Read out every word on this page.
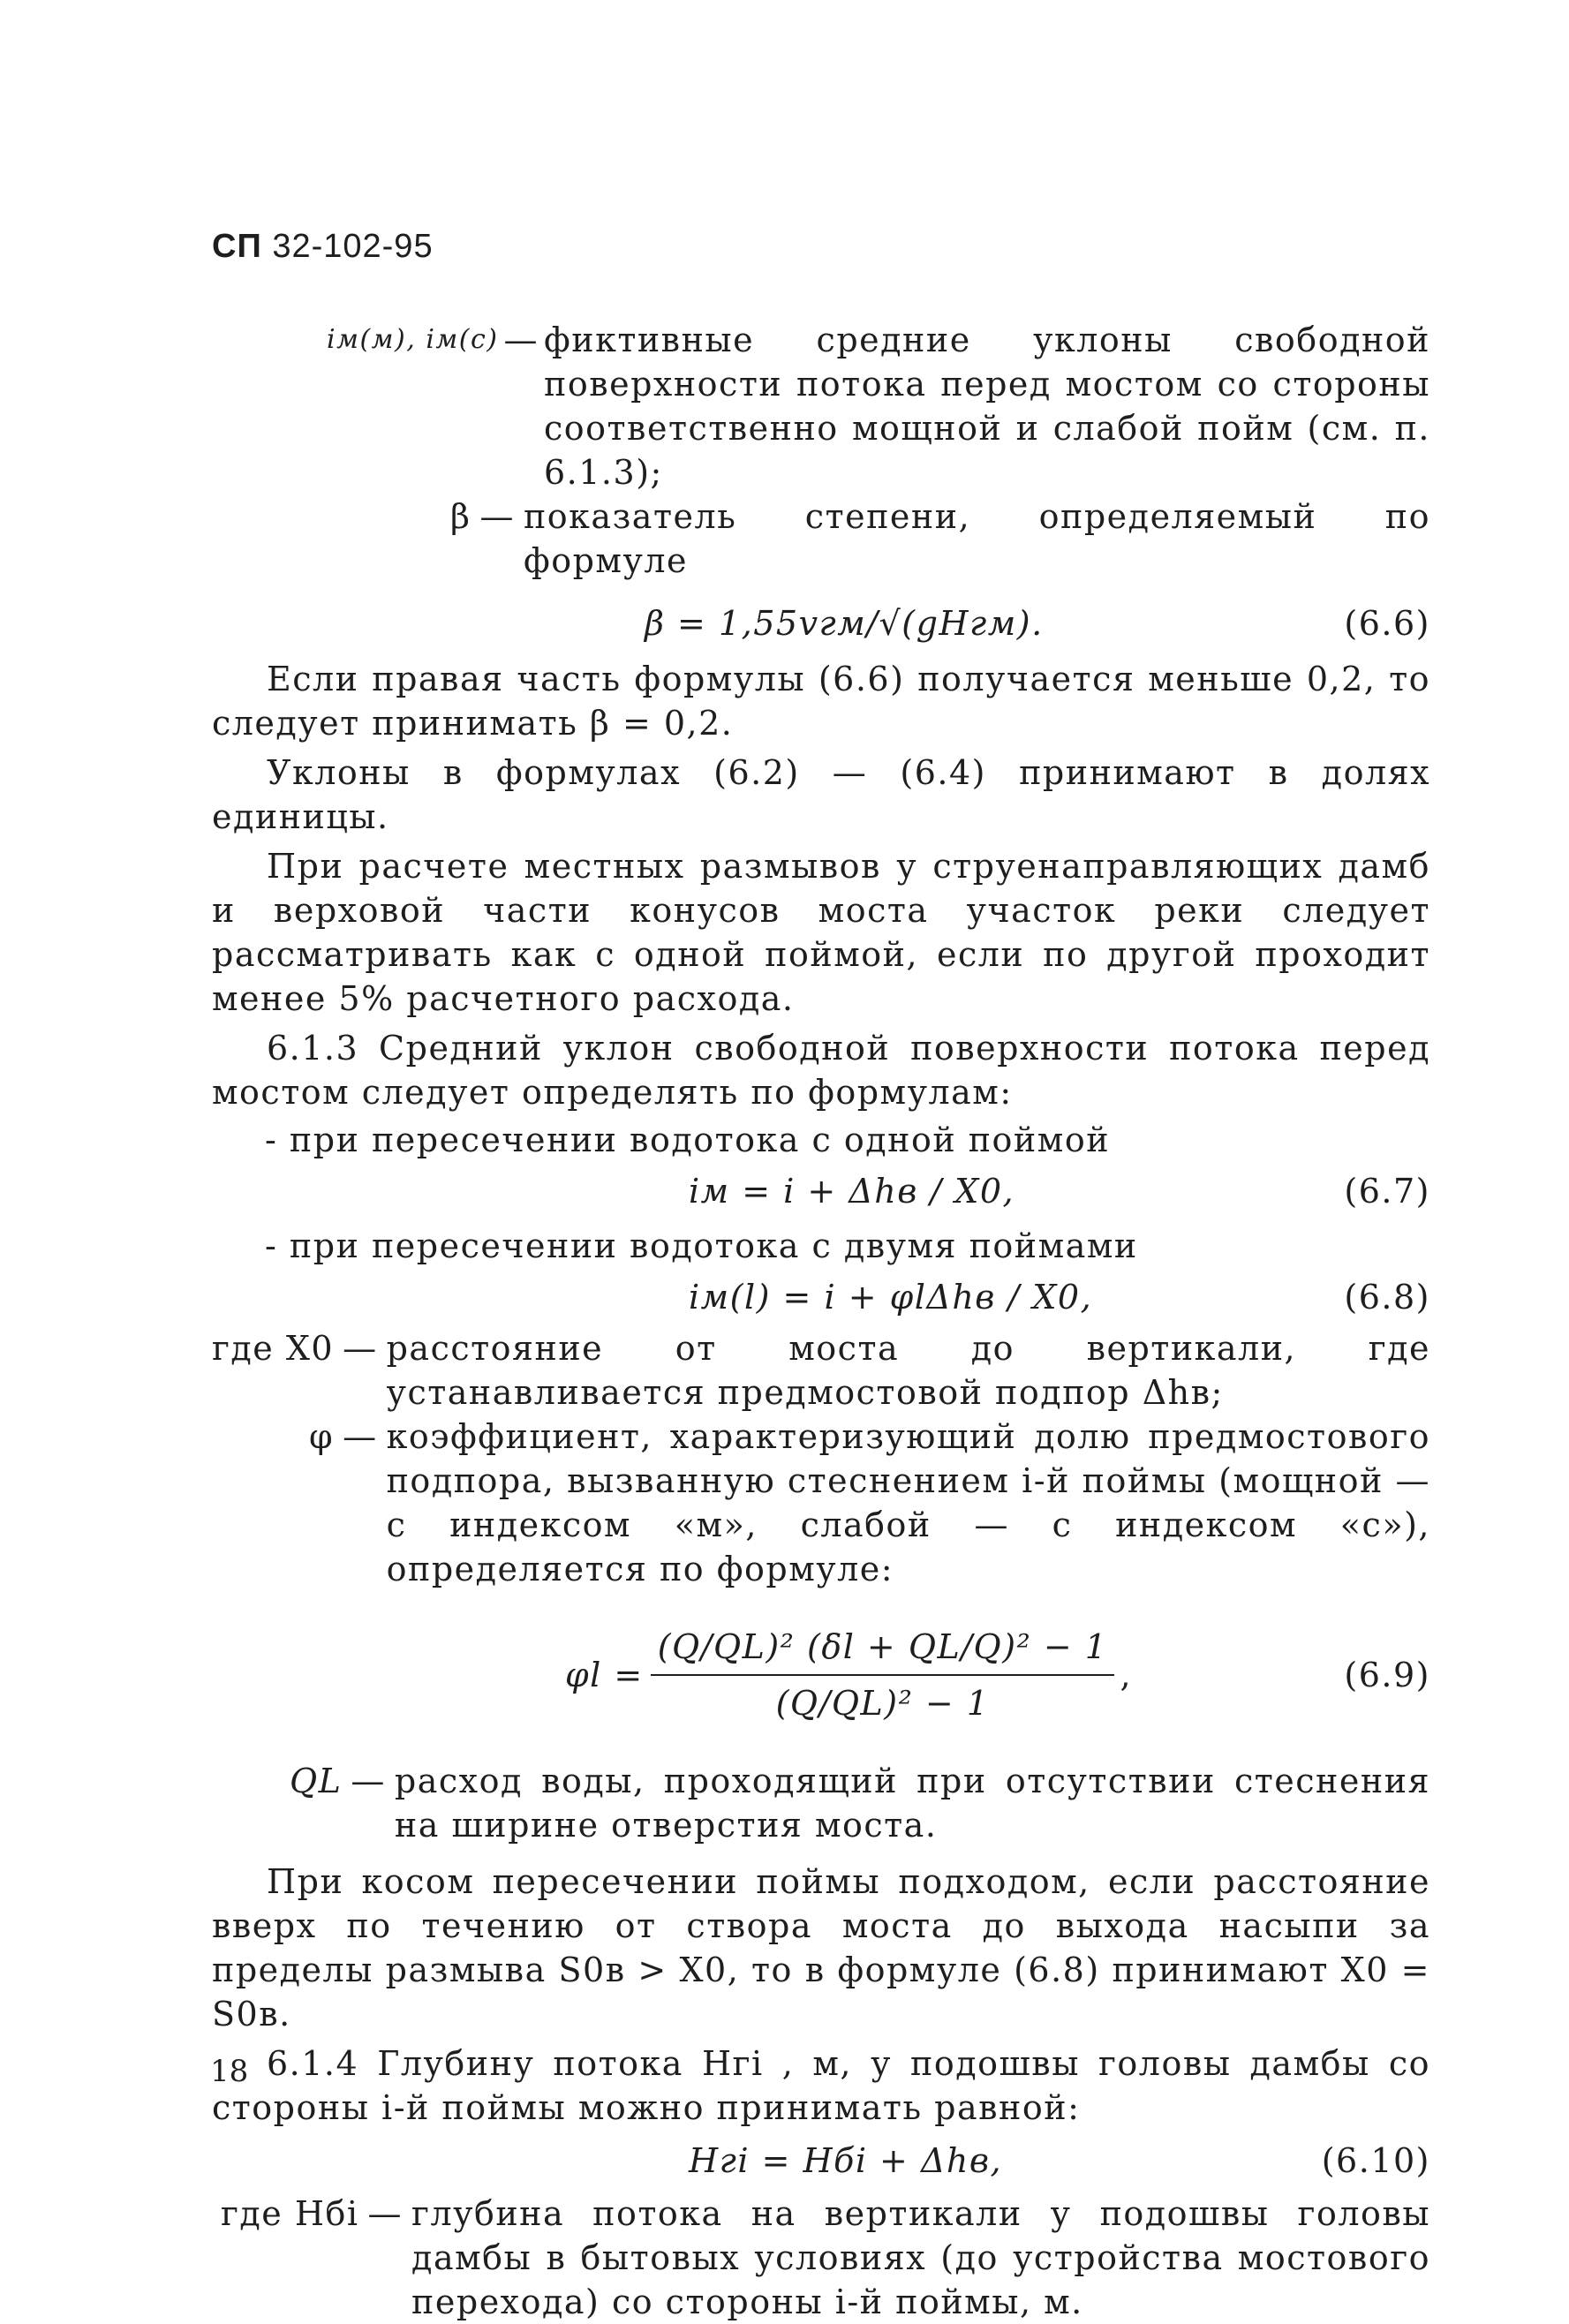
СП 32-102-95
iм(м), iм(с) — фиктивные средние уклоны свободной поверхности потока перед мостом со стороны соответственно мощной и слабой пойм (см. п. 6.1.3);
β — показатель степени, определяемый по формуле
β = 1,55vгм/√(gHгм).	(6.6)
Если правая часть формулы (6.6) получается меньше 0,2, то следует принимать β = 0,2.
Уклоны в формулах (6.2) — (6.4) принимают в долях единицы.
При расчете местных размывов у струенаправляющих дамб и верховой части конусов моста участок реки следует рассматривать как с одной поймой, если по другой проходит менее 5% расчетного расхода.
6.1.3 Средний уклон свободной поверхности потока перед мостом следует определять по формулам:
- при пересечении водотока с одной поймой
iм = i + Δhв / X0,	(6.7)
- при пересечении водотока с двумя поймами
iм(l) = i + φlΔhв / X0,	(6.8)
где X0 — расстояние от моста до вертикали, где устанавливается предмостовой подпор Δhв;
φ — коэффициент, характеризующий долю предмостового подпора, вызванную стеснением i-й поймы (мощной — с индексом «м», слабой — с индексом «с»), определяется по формуле:
$\varphi l = \frac{\text{(Q/QL)² (δl + QL/Q)² − 1}}{\text{(Q/QL)² − 1}}$ ,	(6.9)
QL — расход воды, проходящий при отсутствии стеснения на ширине отверстия моста.
При косом пересечении поймы подходом, если расстояние вверх по течению от створа моста до выхода насыпи за пределы размыва S0в > X0, то в формуле (6.8) принимают X0 = S0в.
6.1.4 Глубину потока Hгi , м, у подошвы головы дамбы со стороны i-й поймы можно принимать равной:
Hгi = Hбi + Δhв,	(6.10)
где Hбi — глубина потока на вертикали у подошвы головы дамбы в бытовых условиях (до устройства мостового перехода) со стороны i-й поймы, м.
18
